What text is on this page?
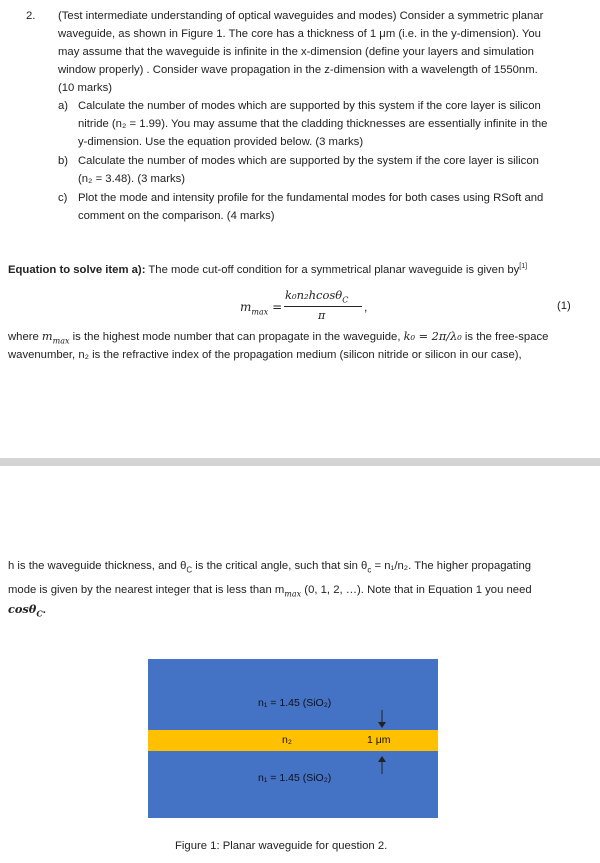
2. (Test intermediate understanding of optical waveguides and modes) Consider a symmetric planar
waveguide, as shown in Figure 1. The core has a thickness of 1 μm (i.e. in the y-dimension). You
may assume that the waveguide is infinite in the x-dimension (define your layers and simulation
window properly) . Consider wave propagation in the z-dimension with a wavelength of 1550nm.
(10 marks)
a) Calculate the number of modes which are supported by this system if the core layer is silicon
nitride (n₂ = 1.99). You may assume that the cladding thicknesses are essentially infinite in the
y-dimension. Use the equation provided below. (3 marks)
b) Calculate the number of modes which are supported by the system if the core layer is silicon
(n₂ = 3.48). (3 marks)
c) Plot the mode and intensity profile for the fundamental modes for both cases using RSoft and
comment on the comparison. (4 marks)
Equation to solve item a): The mode cut-off condition for a symmetrical planar waveguide is given by[1]
$m_{max}$ =
k₀n₂hcosθ$_C$
π
,	(1)
where $m_{max}$ is the highest mode number that can propagate in the waveguide, k₀ = 2π/λ₀ is the free-space
wavenumber, n₂ is the refractive index of the propagation medium (silicon nitride or silicon in our case),
h is the waveguide thickness, and $\theta_C$ is the critical angle, such that $\sin \theta_c = n_1/n_2$. The higher propagating
mode is given by the nearest integer that is less than $m_{max}$ (0, 1, 2, …). Note that in Equation 1 you need
cosθ$_C$.
n₁ = 1.45 (SiO₂)
n₂	1 μm
n₁ = 1.45 (SiO₂)
Figure 1: Planar waveguide for question 2.
